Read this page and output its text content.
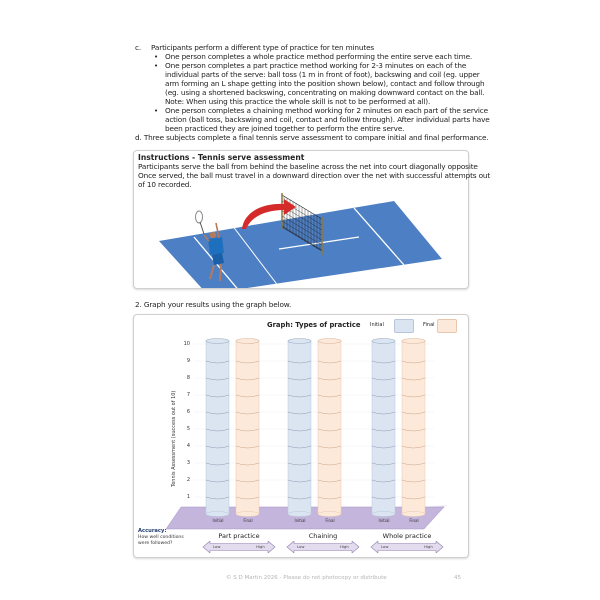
c. Participants perform a different type of practice for ten minutes
• One person completes a whole practice method performing the entire serve each time.
• One person completes a part practice method working for 2-3 minutes on each of the
individual parts of the serve: ball toss (1 m in front of foot), backswing and coil (eg. upper
arm forming an L shape getting into the position shown below), contact and follow through
(eg. using a shortened backswing, concentrating on making downward contact on the ball.
Note: When using this practice the whole skill is not to be performed at all).
• One person completes a chaining method working for 2 minutes on each part of the service
action (ball toss, backswing and coil, contact and follow through). After individual parts have
been practiced they are joined together to perform the entire serve.
d. Three subjects complete a final tennis serve assessment to compare initial and final performance.
Instructions - Tennis serve assessment
Participants serve the ball from behind the baseline across the net into court diagonally opposite
Once served, the ball must travel in a downward direction over the net with successful attempts out
of 10 recorded.
2. Graph your results using the graph below.
Graph: Types of practice Initial	Final
Tennis Assessment (success out of 10)
1
2
3
4
5
6
7
8
9
10
Initial	Final	Initial	Final	Initial	Final
Accuracy:
How well conditions
were followed?
Part practice
Low	High
Chaining
Low	High
Whole practice
Low	High
© S D Martin 2026 - Please do not photocopy or distribute	45
